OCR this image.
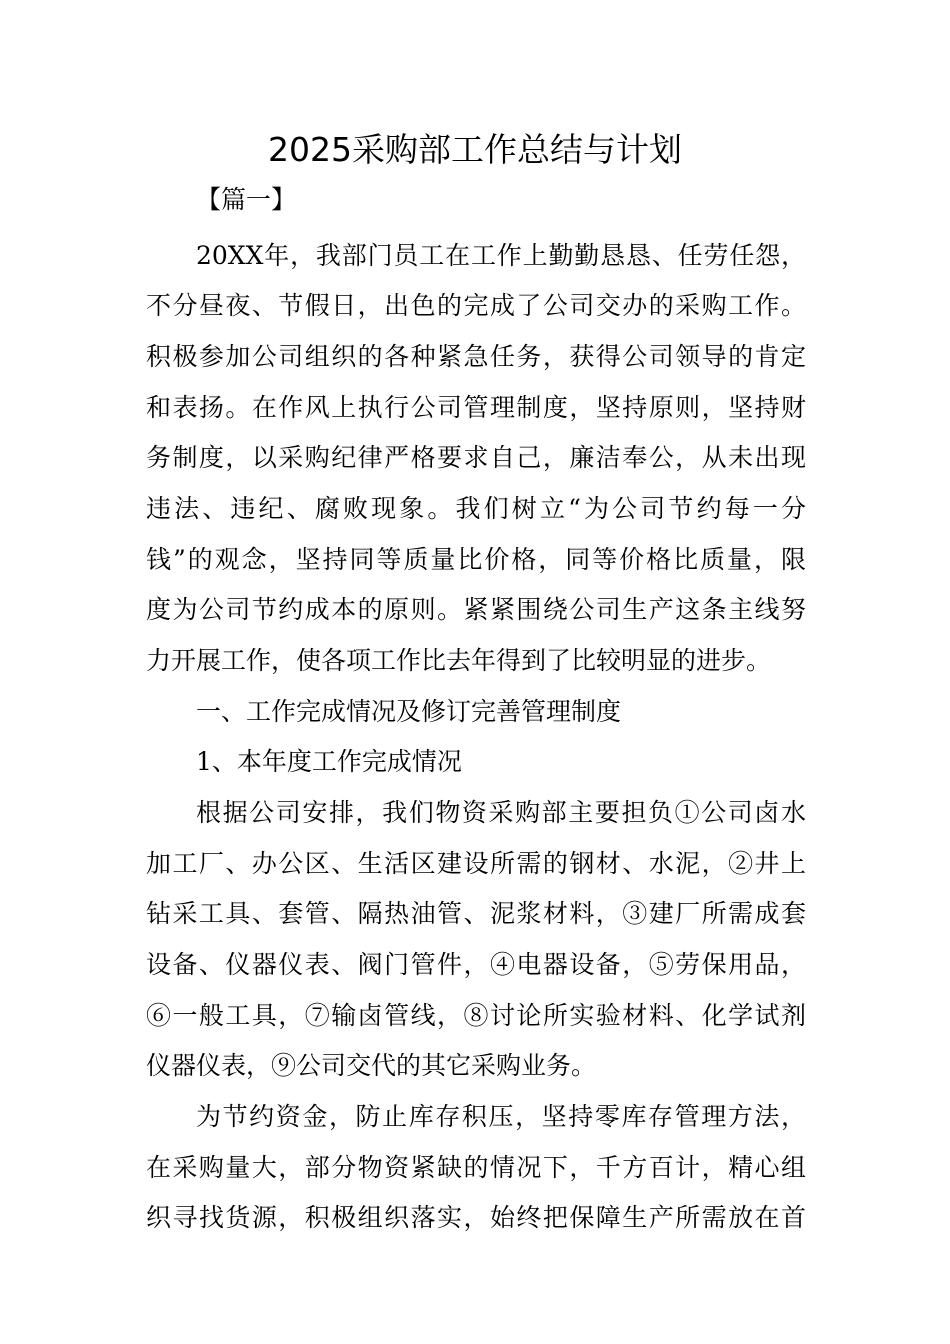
2025采购部工作总结与计划
【篇一】
20XX年，我部门员工在工作上勤勤恳恳、任劳任怨，
不分昼夜、节假日，出色的完成了公司交办的采购工作。
积极参加公司组织的各种紧急任务，获得公司领导的肯定
和表扬。在作风上执行公司管理制度，坚持原则，坚持财
务制度，以采购纪律严格要求自己，廉洁奉公，从未出现
违法、违纪、腐败现象。我们树立“为公司节约每一分
钱”的观念，坚持同等质量比价格，同等价格比质量，限
度为公司节约成本的原则。紧紧围绕公司生产这条主线努
力开展工作，使各项工作比去年得到了比较明显的进步。
一、工作完成情况及修订完善管理制度
1、本年度工作完成情况
根据公司安排，我们物资采购部主要担负①公司卤水
加工厂、办公区、生活区建设所需的钢材、水泥，②井上
钻采工具、套管、隔热油管、泥浆材料，③建厂所需成套
设备、仪器仪表、阀门管件，④电器设备，⑤劳保用品，
⑥一般工具，⑦输卤管线，⑧讨论所实验材料、化学试剂
仪器仪表，⑨公司交代的其它采购业务。
为节约资金，防止库存积压，坚持零库存管理方法，
在采购量大，部分物资紧缺的情况下，千方百计，精心组
织寻找货源，积极组织落实，始终把保障生产所需放在首
